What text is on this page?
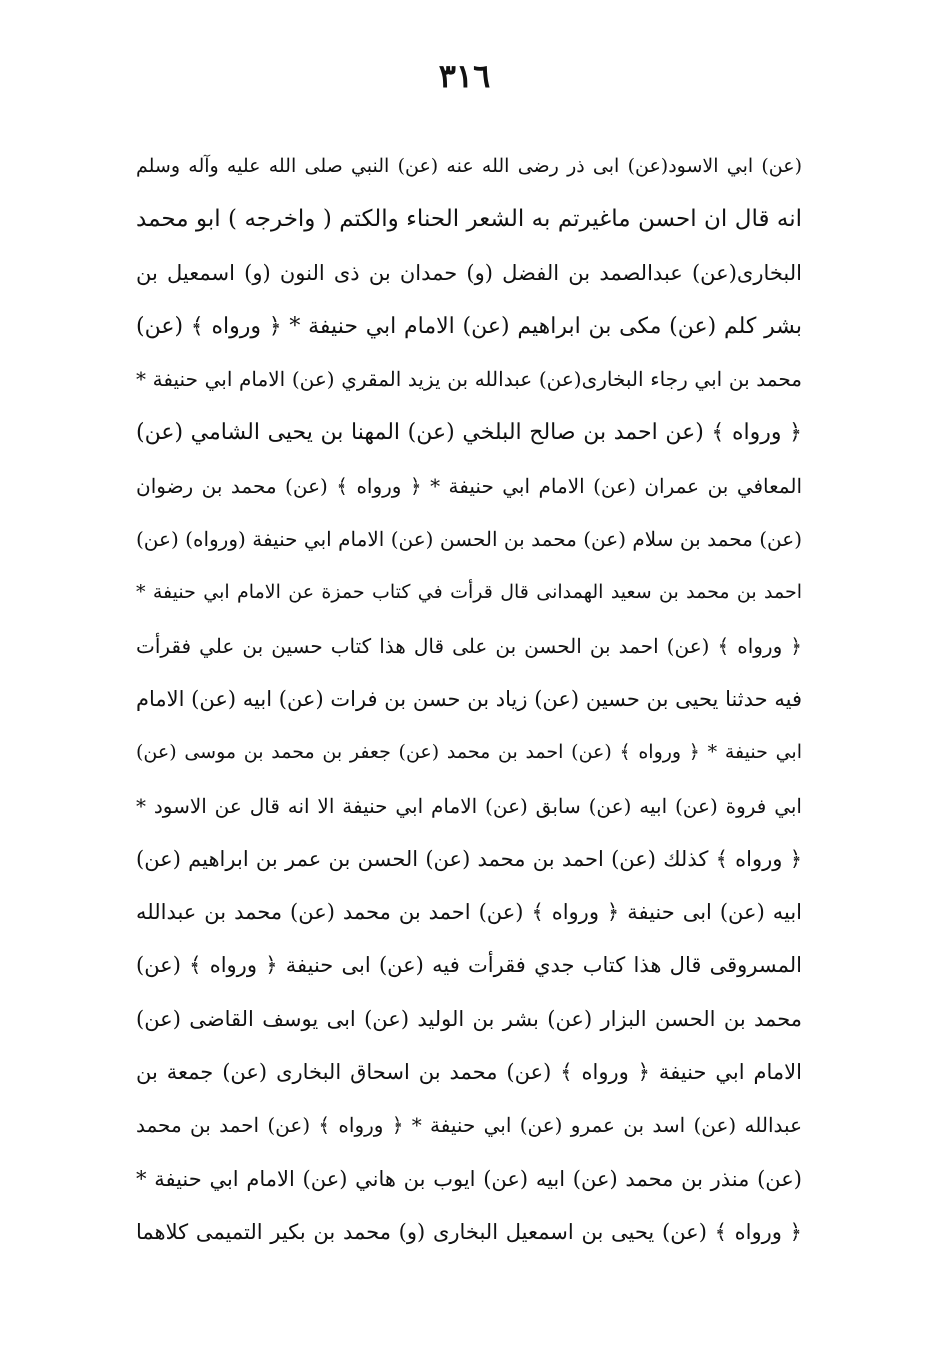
٣١٦
(عن) ابي الاسود(عن) ابى ذر رضى الله عنه (عن) النبي صلى الله عليه وآله وسلم
انه قال ان احسن ماغيرتم به الشعر الحناء والكتم ( واخرجه ) ابو محمد
البخارى(عن) عبدالصمد بن الفضل (و) حمدان بن ذى النون (و) اسمعيل بن
بشر كلم (عن) مكى بن ابراهيم (عن) الامام ابي حنيفة * ﴿ ورواه ﴾ (عن)
محمد بن ابي رجاء البخارى(عن) عبدالله بن يزيد المقري (عن) الامام ابي حنيفة *
﴿ ورواه ﴾ (عن احمد بن صالح البلخي (عن) المهنا بن يحيى الشامي (عن)
المعافي بن عمران (عن) الامام ابي حنيفة * ﴿ ورواه ﴾ (عن) محمد بن رضوان
(عن) محمد بن سلام (عن) محمد بن الحسن (عن) الامام ابي حنيفة (ورواه) (عن)
احمد بن محمد بن سعيد الهمدانى قال قرأت في كتاب حمزة عن الامام ابي حنيفة *
﴿ ورواه ﴾ (عن) احمد بن الحسن بن على قال هذا كتاب حسين بن علي فقرأت
فيه حدثنا يحيى بن حسين (عن) زياد بن حسن بن فرات (عن) ابيه (عن) الامام
ابي حنيفة * ﴿ ورواه ﴾ (عن) احمد بن محمد (عن) جعفر بن محمد بن موسى (عن)
ابي فروة (عن) ابيه (عن) سابق (عن) الامام ابي حنيفة الا انه قال عن الاسود *
﴿ ورواه ﴾ كذلك (عن) احمد بن محمد (عن) الحسن بن عمر بن ابراهيم (عن)
ابيه (عن) ابى حنيفة ﴿ ورواه ﴾ (عن) احمد بن محمد (عن) محمد بن عبدالله
المسروقى قال هذا كتاب جدي فقرأت فيه (عن) ابى حنيفة ﴿ ورواه ﴾ (عن)
محمد بن الحسن البزار (عن) بشر بن الوليد (عن) ابى يوسف القاضى (عن)
الامام ابي حنيفة ﴿ ورواه ﴾ (عن) محمد بن اسحاق البخارى (عن) جمعة بن
عبدالله (عن) اسد بن عمرو (عن) ابي حنيفة * ﴿ ورواه ﴾ (عن) احمد بن محمد
(عن) منذر بن محمد (عن) ابيه (عن) ايوب بن هاني (عن) الامام ابي حنيفة *
﴿ ورواه ﴾ (عن) يحيى بن اسمعيل البخارى (و) محمد بن بكير التميمى كلاهما
